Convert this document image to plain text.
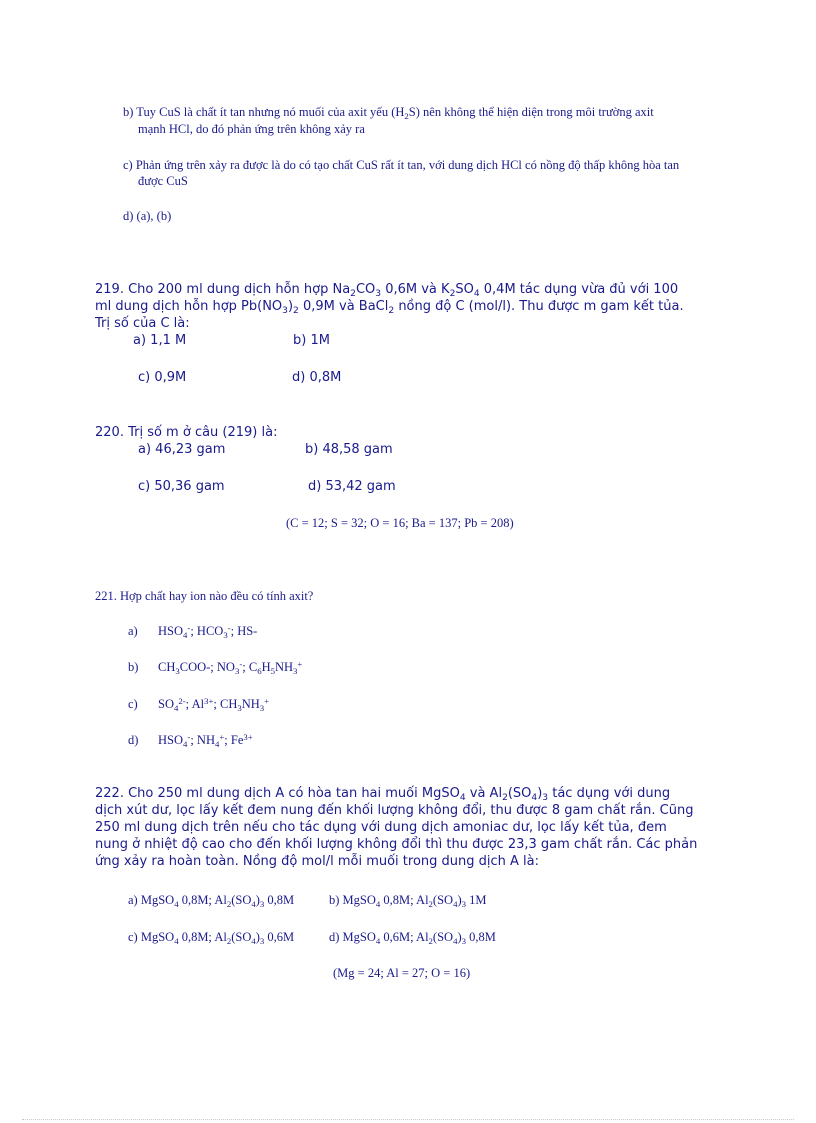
b) Tuy CuS là chất ít tan nhưng nó muối của axit yếu $(H_2S)$ nên không thể hiện diện trong môi trường axit
mạnh HCl, do đó phản ứng trên không xảy ra
c) Phản ứng trên xảy ra được là do có tạo chất CuS rất ít tan, với dung dịch HCl có nồng độ thấp không hòa tan
được CuS
d) (a), (b)
219. Cho 200 ml dung dịch hỗn hợp $Na_2CO_3$ 0,6M và $K_2SO_4$ 0,4M tác dụng vừa đủ với 100
ml dung dịch hỗn hợp $Pb(NO_3)_2$ 0,9M và BaCl$_2$ nồng độ C (mol/l). Thu được m gam kết tủa.
Trị số của C là:
a) 1,1 M	b) 1M
c) 0,9M	d) 0,8M
220. Trị số m ở câu (219) là:
a) 46,23 gam	b) 48,58 gam
c) 50,36 gam	d) 53,42 gam
(C = 12; S = 32; O = 16; Ba = 137; Pb = 208)
221. Hợp chất hay ion nào đều có tính axit?
a) $HSO_4^-$; $HCO_3^-$; HS-
b) $CH_3COO-$; $NO_3^-$; $C_6H_5NH_3^+$
c) $SO_4^{2-}$; $Al^{3+}$; $CH_3NH_3^+$
d) $HSO_4^-$; $NH_4^+$; $Fe^{3+}$
222. Cho 250 ml dung dịch A có hòa tan hai muối MgSO$_4$ và $Al_2(SO_4)_3$ tác dụng với dung
dịch xút dư, lọc lấy kết đem nung đến khối lượng không đổi, thu được 8 gam chất rắn. Cũng
250 ml dung dịch trên nếu cho tác dụng với dung dịch amoniac dư, lọc lấy kết tủa, đem
nung ở nhiệt độ cao cho đến khối lượng không đổi thì thu được 23,3 gam chất rắn. Các phản
ứng xảy ra hoàn toàn. Nồng độ mol/l mỗi muối trong dung dịch A là:
a) MgSO$_4$ 0,8M; $Al_2(SO_4)_3$ 0,8M	b) MgSO$_4$ 0,8M; $Al_2(SO_4)_3$ 1M
c) MgSO$_4$ 0,8M; $Al_2(SO_4)_3$ 0,6M	d) MgSO$_4$ 0,6M; $Al_2(SO_4)_3$ 0,8M
(Mg = 24; Al = 27; O = 16)
